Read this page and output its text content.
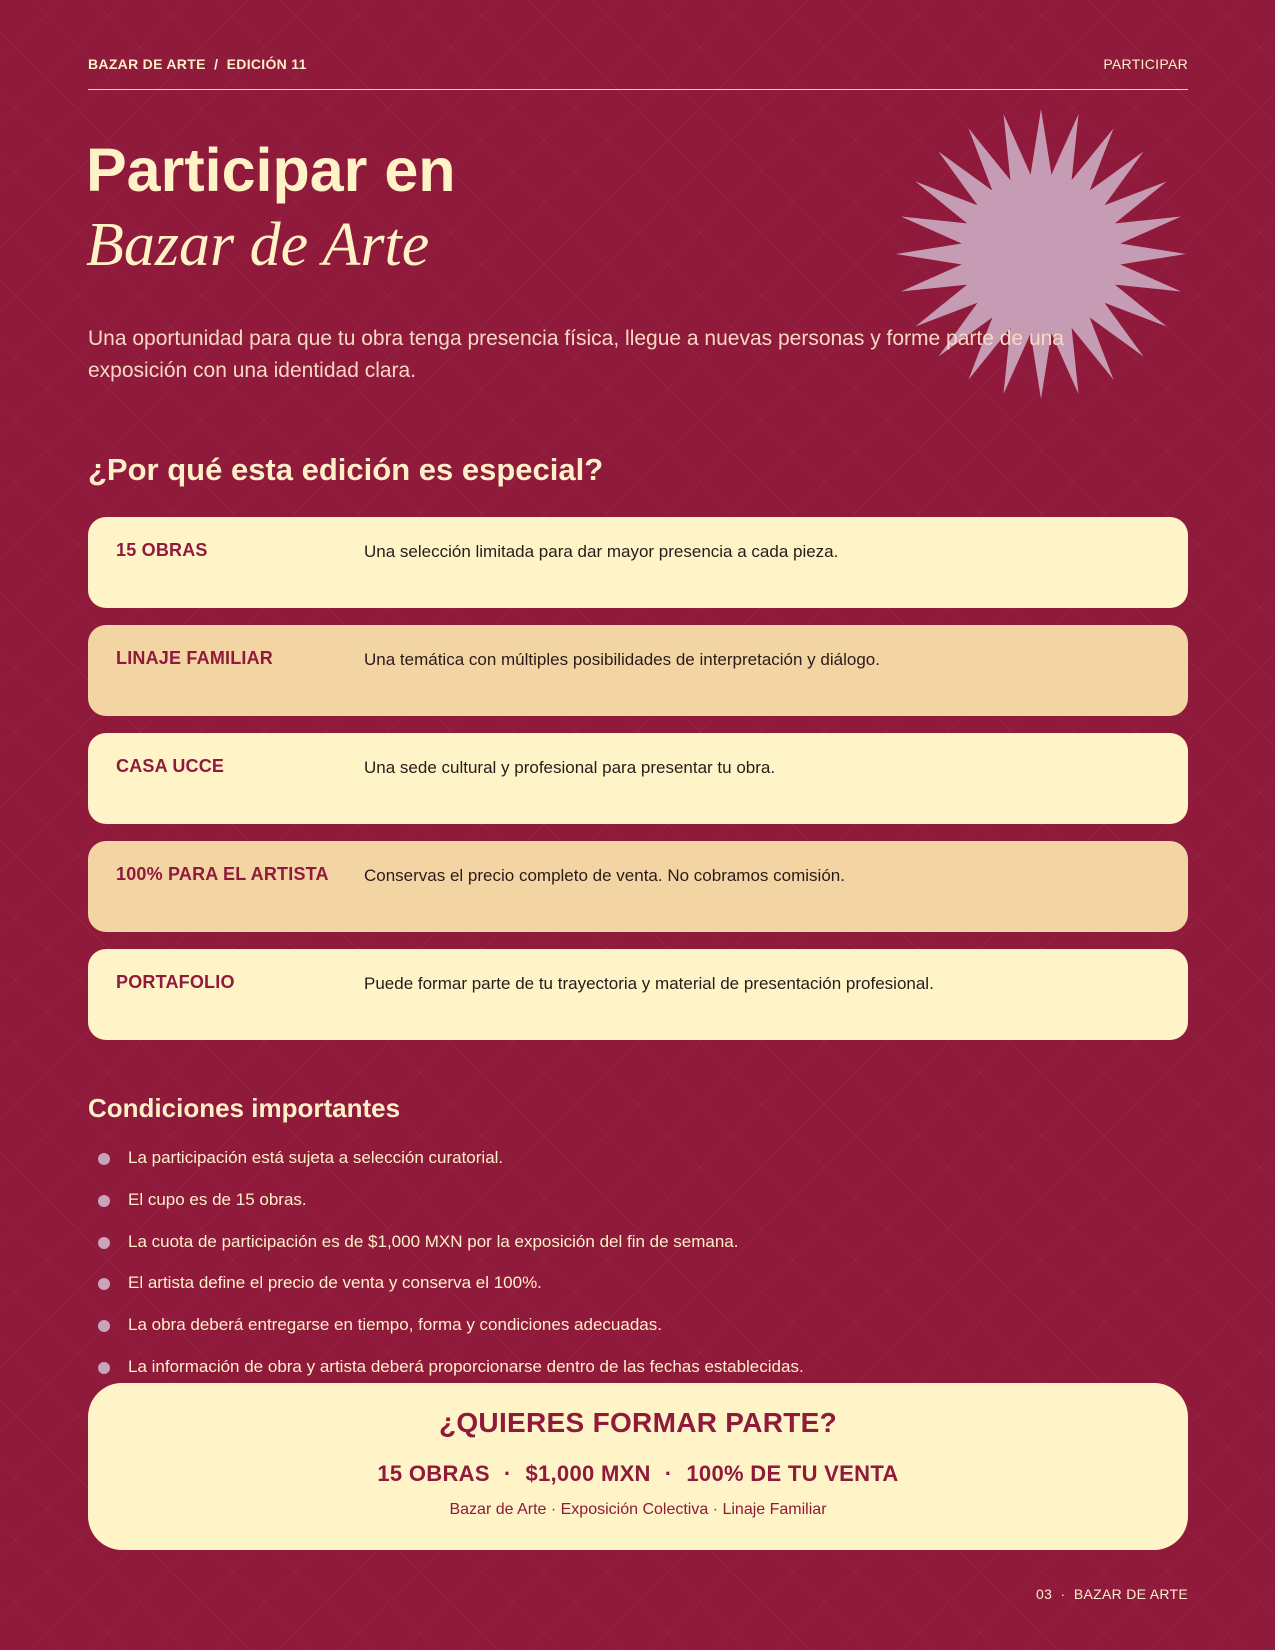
BAZAR DE ARTE  /  EDICIÓN 11	PARTICIPAR
Participar en
Bazar de Arte

Una oportunidad para que tu obra tenga presencia física, llegue a nuevas personas y forme parte de una exposición con una identidad clara.

¿Por qué esta edición es especial?
15 OBRAS	Una selección limitada para dar mayor presencia a cada pieza.
LINAJE FAMILIAR	Una temática con múltiples posibilidades de interpretación y diálogo.
CASA UCCE	Una sede cultural y profesional para presentar tu obra.
100% PARA EL ARTISTA	Conservas el precio completo de venta. No cobramos comisión.
PORTAFOLIO	Puede formar parte de tu trayectoria y material de presentación profesional.
Condiciones importantes
La participación está sujeta a selección curatorial.
El cupo es de 15 obras.
La cuota de participación es de $1,000 MXN por la exposición del fin de semana.
El artista define el precio de venta y conserva el 100%.
La obra deberá entregarse en tiempo, forma y condiciones adecuadas.
La información de obra y artista deberá proporcionarse dentro de las fechas establecidas.
¿QUIERES FORMAR PARTE?
15 OBRAS · $1,000 MXN · 100% DE TU VENTA
Bazar de Arte · Exposición Colectiva · Linaje Familiar
03  ·  BAZAR DE ARTE
